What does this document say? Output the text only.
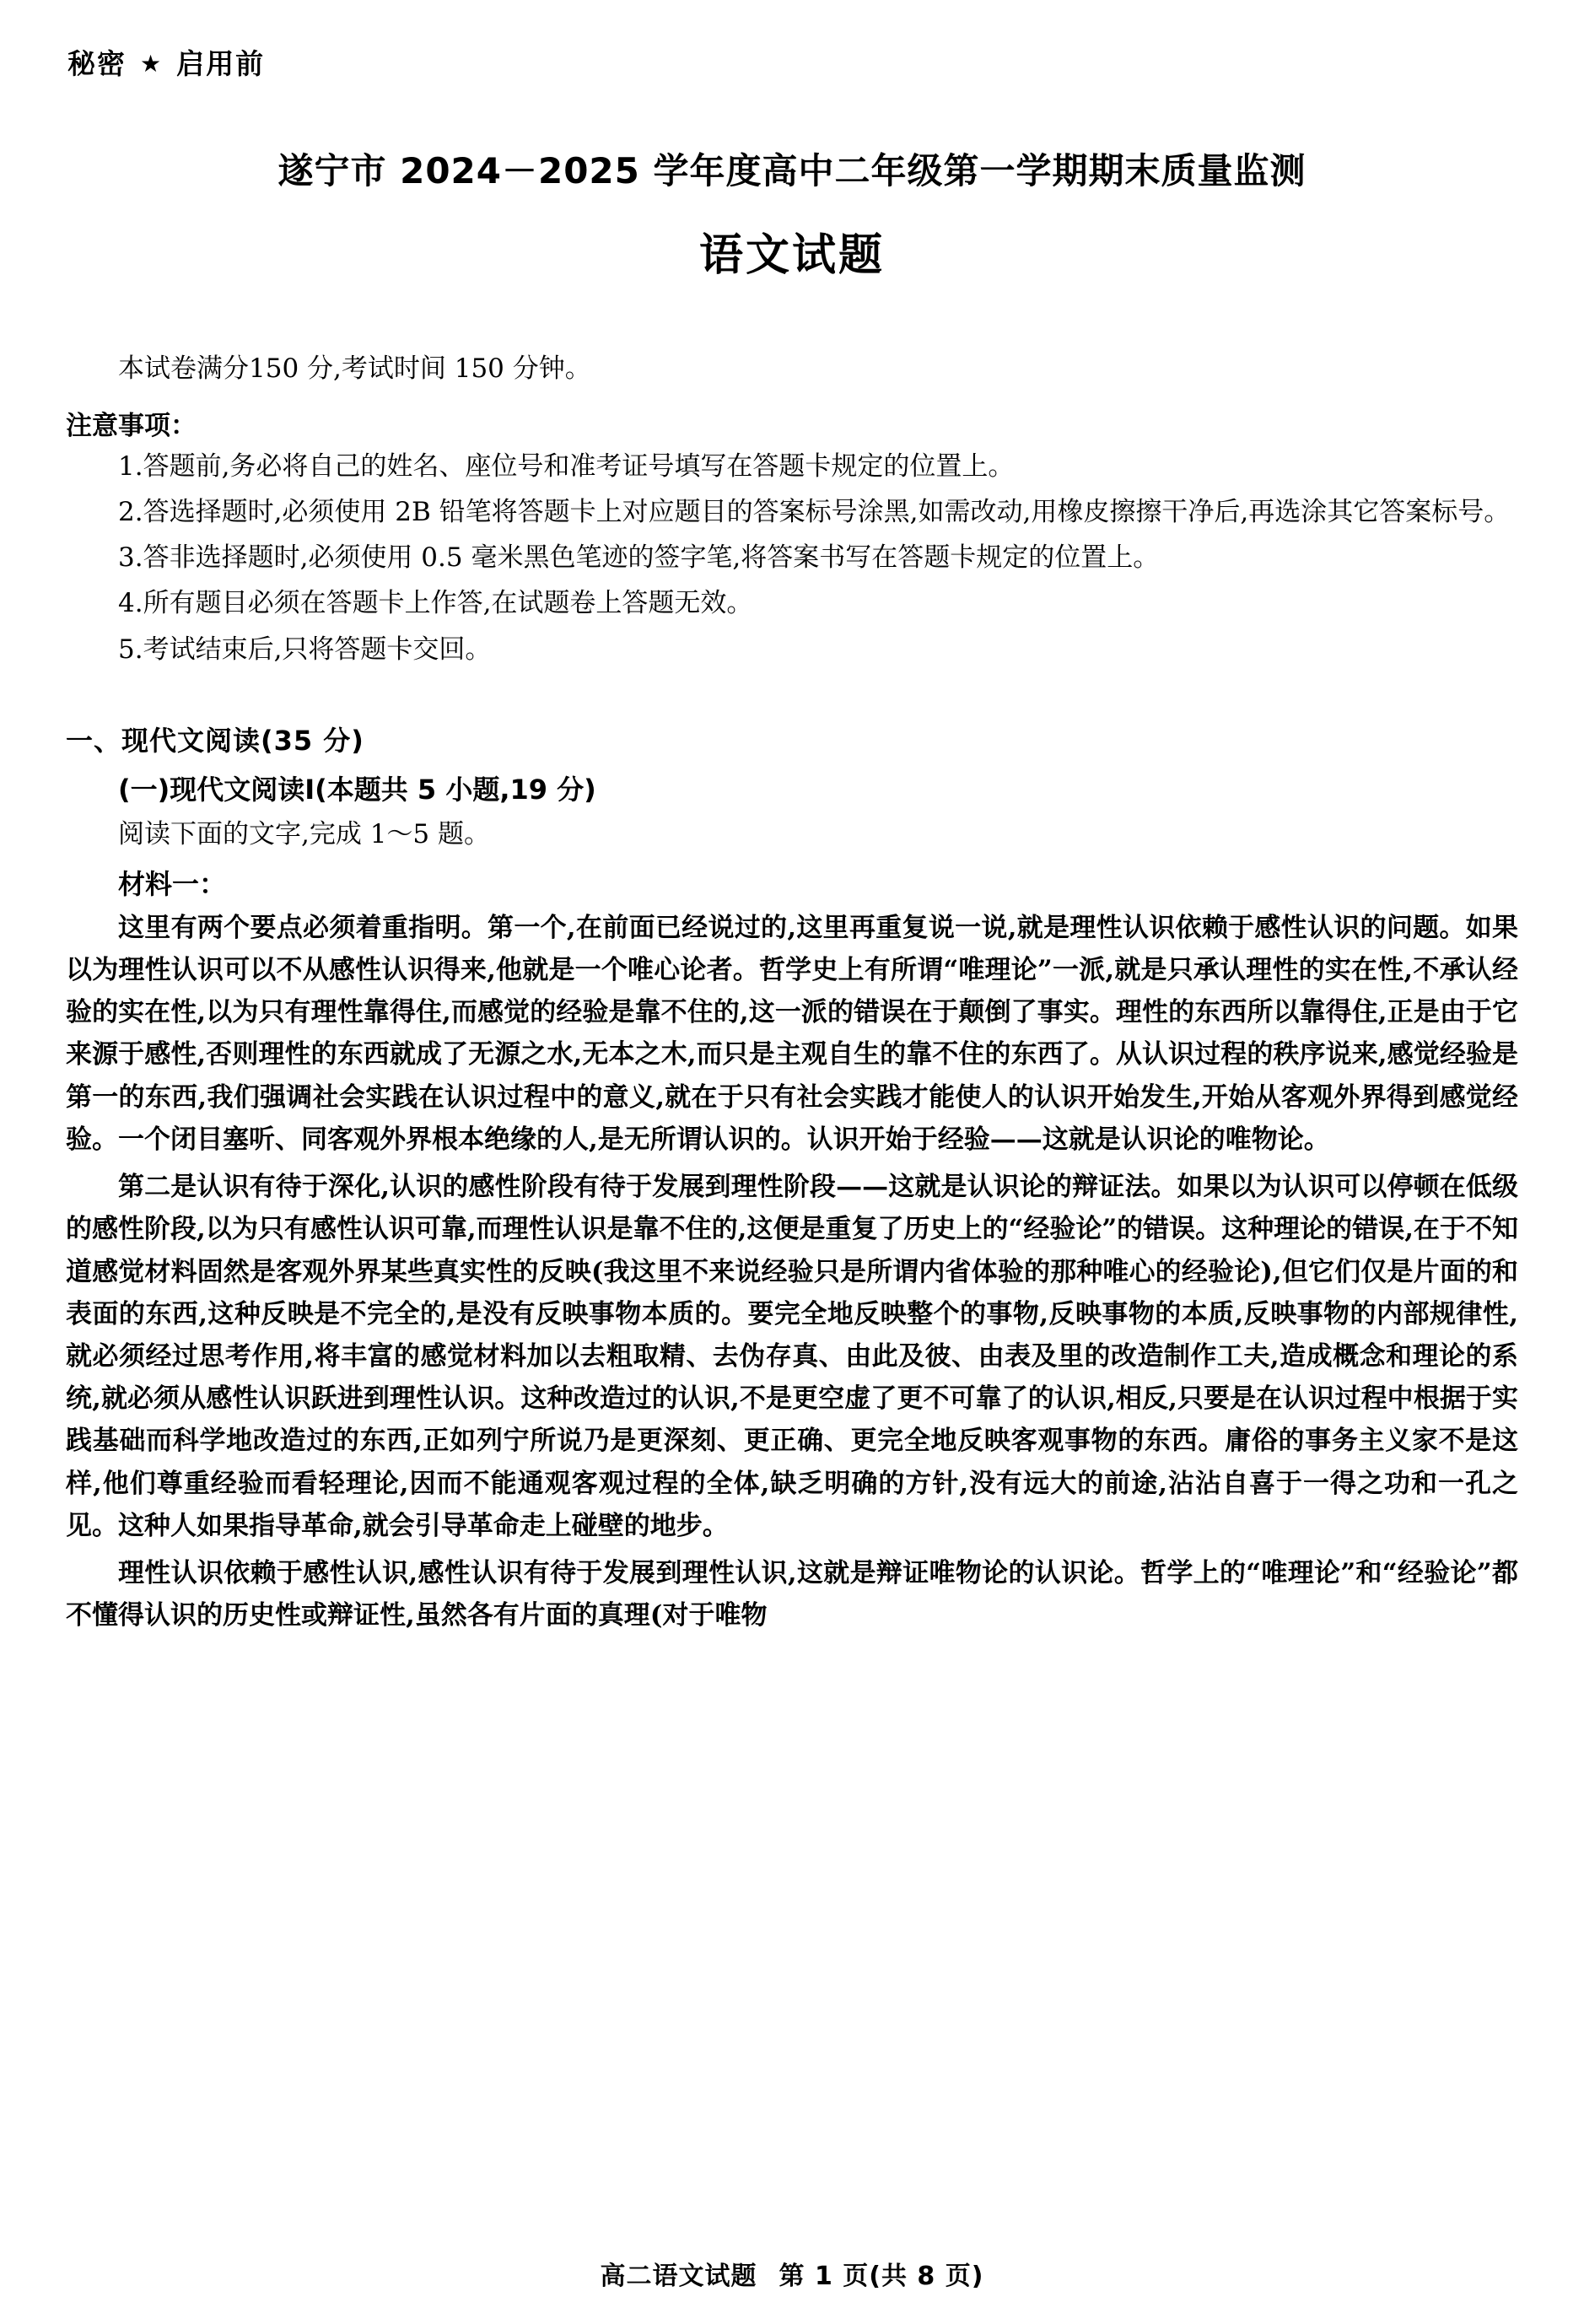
秘密 ★ 启用前
遂宁市 2024－2025 学年度高中二年级第一学期期末质量监测
语文试题
本试卷满分150 分,考试时间 150 分钟。
注意事项：
1.答题前,务必将自己的姓名、座位号和准考证号填写在答题卡规定的位置上。
2.答选择题时,必须使用 2B 铅笔将答题卡上对应题目的答案标号涂黑,如需改动,用橡皮擦擦干净后,再选涂其它答案标号。
3.答非选择题时,必须使用 0.5 毫米黑色笔迹的签字笔,将答案书写在答题卡规定的位置上。
4.所有题目必须在答题卡上作答,在试题卷上答题无效。
5.考试结束后,只将答题卡交回。
一、现代文阅读(35 分)
(一)现代文阅读Ⅰ(本题共 5 小题,19 分)
阅读下面的文字,完成 1～5 题。
材料一：
这里有两个要点必须着重指明。第一个,在前面已经说过的,这里再重复说一说,就是理性认识依赖于感性认识的问题。如果以为理性认识可以不从感性认识得来,他就是一个唯心论者。哲学史上有所谓“唯理论”一派,就是只承认理性的实在性,不承认经验的实在性,以为只有理性靠得住,而感觉的经验是靠不住的,这一派的错误在于颠倒了事实。理性的东西所以靠得住,正是由于它来源于感性,否则理性的东西就成了无源之水,无本之木,而只是主观自生的靠不住的东西了。从认识过程的秩序说来,感觉经验是第一的东西,我们强调社会实践在认识过程中的意义,就在于只有社会实践才能使人的认识开始发生,开始从客观外界得到感觉经验。一个闭目塞听、同客观外界根本绝缘的人,是无所谓认识的。认识开始于经验——这就是认识论的唯物论。
第二是认识有待于深化,认识的感性阶段有待于发展到理性阶段——这就是认识论的辩证法。如果以为认识可以停顿在低级的感性阶段,以为只有感性认识可靠,而理性认识是靠不住的,这便是重复了历史上的“经验论”的错误。这种理论的错误,在于不知道感觉材料固然是客观外界某些真实性的反映(我这里不来说经验只是所谓内省体验的那种唯心的经验论),但它们仅是片面的和表面的东西,这种反映是不完全的,是没有反映事物本质的。要完全地反映整个的事物,反映事物的本质,反映事物的内部规律性,就必须经过思考作用,将丰富的感觉材料加以去粗取精、去伪存真、由此及彼、由表及里的改造制作工夫,造成概念和理论的系统,就必须从感性认识跃进到理性认识。这种改造过的认识,不是更空虚了更不可靠了的认识,相反,只要是在认识过程中根据于实践基础而科学地改造过的东西,正如列宁所说乃是更深刻、更正确、更完全地反映客观事物的东西。庸俗的事务主义家不是这样,他们尊重经验而看轻理论,因而不能通观客观过程的全体,缺乏明确的方针,没有远大的前途,沾沾自喜于一得之功和一孔之见。这种人如果指导革命,就会引导革命走上碰壁的地步。
理性认识依赖于感性认识,感性认识有待于发展到理性认识,这就是辩证唯物论的认识论。哲学上的“唯理论”和“经验论”都不懂得认识的历史性或辩证性,虽然各有片面的真理(对于唯物
高二语文试题 第 1 页(共 8 页)
